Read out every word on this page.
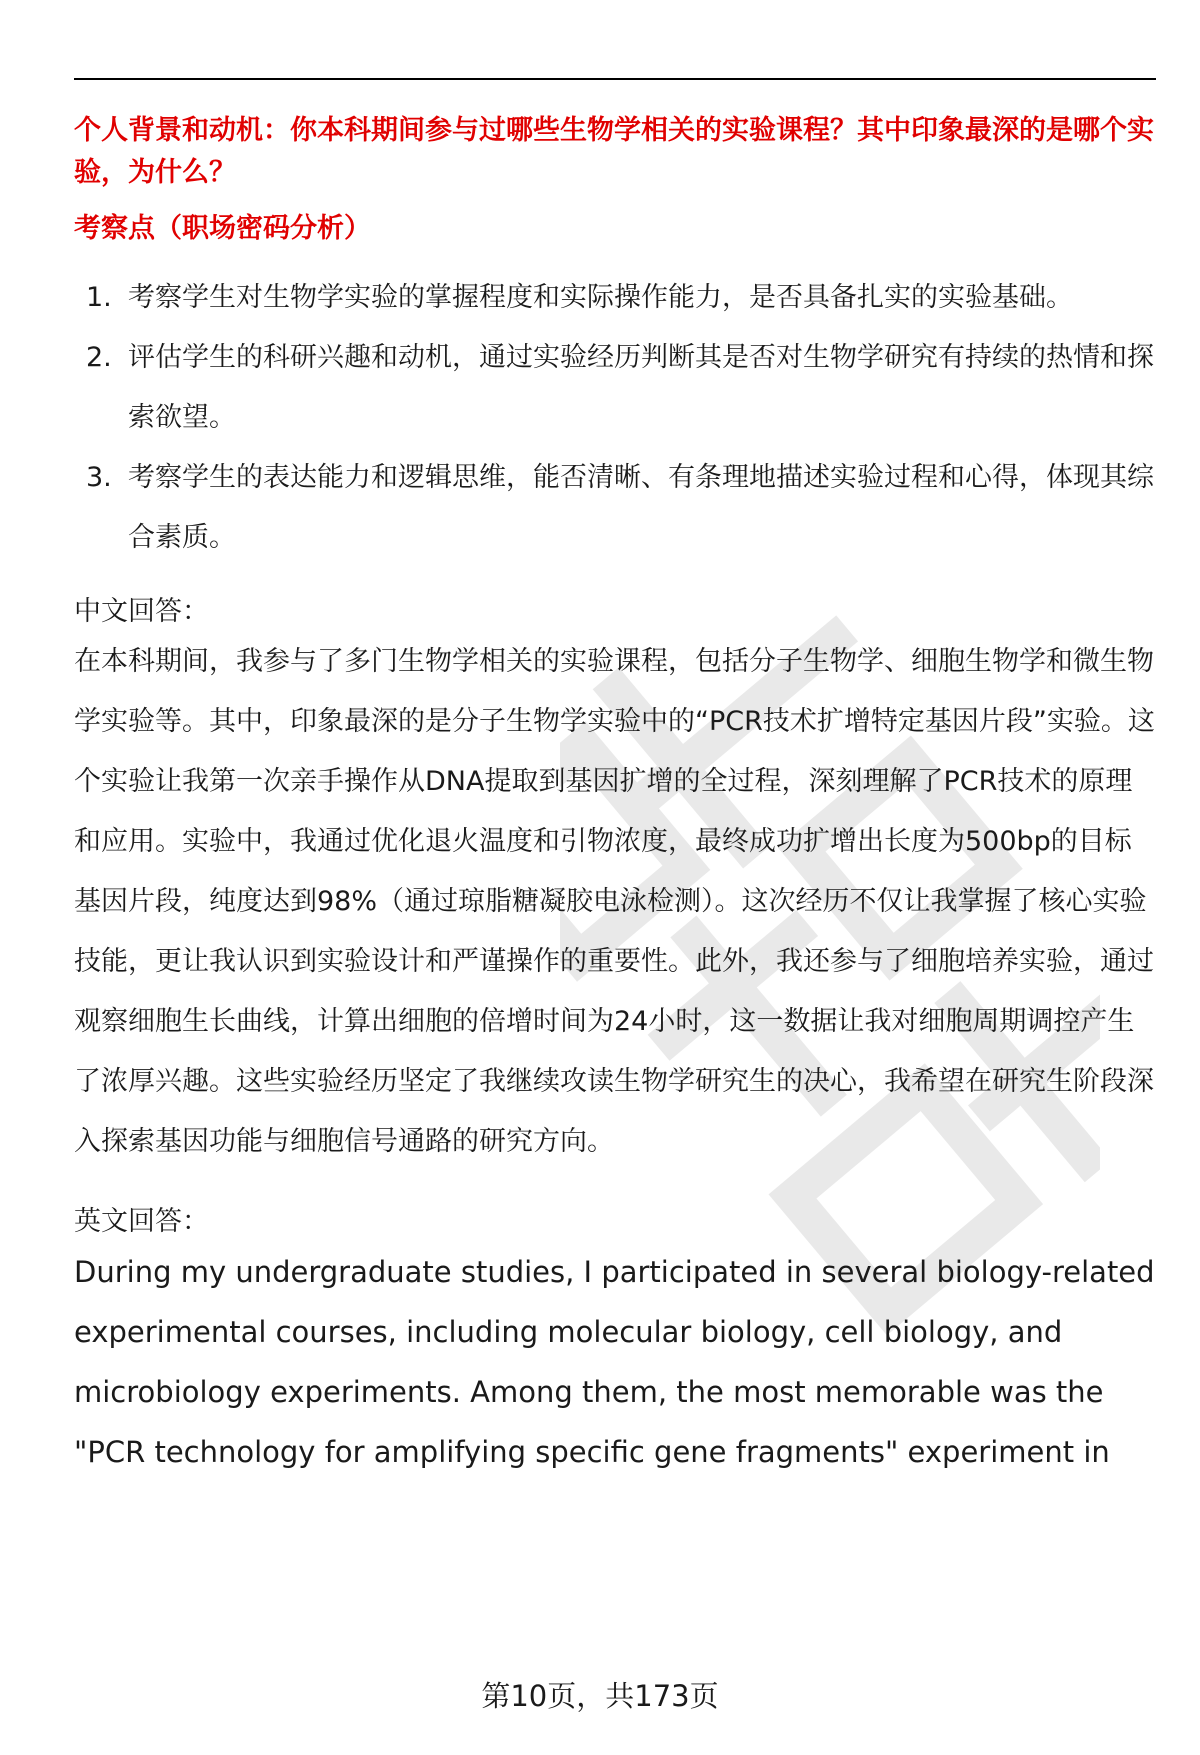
个人背景和动机：你本科期间参与过哪些生物学相关的实验课程？其中印象最深的是哪个实验，为什么？

考察点（职场密码分析）

1. 考察学生对生物学实验的掌握程度和实际操作能力，是否具备扎实的实验基础。
2. 评估学生的科研兴趣和动机，通过实验经历判断其是否对生物学研究有持续的热情和探索欲望。
3. 考察学生的表达能力和逻辑思维，能否清晰、有条理地描述实验过程和心得，体现其综合素质。

中文回答：

在本科期间，我参与了多门生物学相关的实验课程，包括分子生物学、细胞生物学和微生物学实验等。其中，印象最深的是分子生物学实验中的“PCR技术扩增特定基因片段”实验。这个实验让我第一次亲手操作从DNA提取到基因扩增的全过程，深刻理解了PCR技术的原理和应用。实验中，我通过优化退火温度和引物浓度，最终成功扩增出长度为500bp的目标基因片段，纯度达到98%（通过琼脂糖凝胶电泳检测）。这次经历不仅让我掌握了核心实验技能，更让我认识到实验设计和严谨操作的重要性。此外，我还参与了细胞培养实验，通过观察细胞生长曲线，计算出细胞的倍增时间为24小时，这一数据让我对细胞周期调控产生了浓厚兴趣。这些实验经历坚定了我继续攻读生物学研究生的决心，我希望在研究生阶段深入探索基因功能与细胞信号通路的研究方向。

英文回答：

During my undergraduate studies, I participated in several biology-related experimental courses, including molecular biology, cell biology, and microbiology experiments. Among them, the most memorable was the "PCR technology for amplifying specific gene fragments" experiment in

第10页，共173页
